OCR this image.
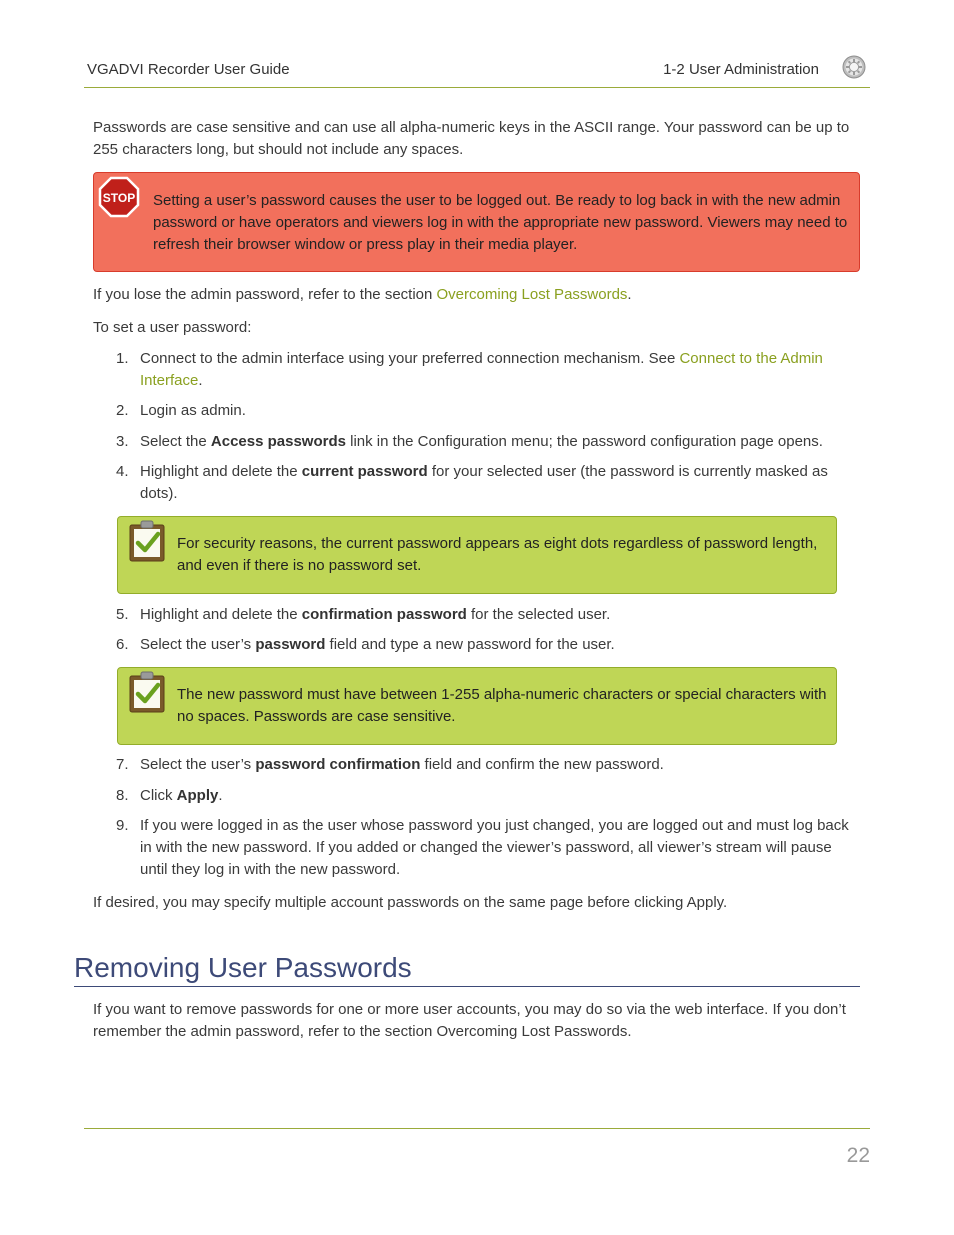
VGADVI Recorder User Guide	1-2 User Administration
Passwords are case sensitive and can use all alpha-numeric keys in the ASCII range. Your password can be up to 255 characters long, but should not include any spaces.
STOP Setting a user’s password causes the user to be logged out. Be ready to log back in with the new admin password or have operators and viewers log in with the appropriate new password. Viewers may need to refresh their browser window or press play in their media player.
If you lose the admin password, refer to the section Overcoming Lost Passwords.
To set a user password:
1. Connect to the admin interface using your preferred connection mechanism. See Connect to the Admin Interface.
2. Login as admin.
3. Select the Access passwords link in the Configuration menu; the password configuration page opens.
4. Highlight and delete the current password for your selected user (the password is currently masked as dots).
For security reasons, the current password appears as eight dots regardless of password length, and even if there is no password set.
5. Highlight and delete the confirmation password for the selected user.
6. Select the user’s password field and type a new password for the user.
The new password must have between 1-255 alpha-numeric characters or special characters with no spaces. Passwords are case sensitive.
7. Select the user’s password confirmation field and confirm the new password.
8. Click Apply.
9. If you were logged in as the user whose password you just changed, you are logged out and must log back in with the new password. If you added or changed the viewer’s password, all viewer’s stream will pause until they log in with the new password.
If desired, you may specify multiple account passwords on the same page before clicking Apply.
Removing User Passwords
If you want to remove passwords for one or more user accounts, you may do so via the web interface. If you don’t remember the admin password, refer to the section Overcoming Lost Passwords.
22
